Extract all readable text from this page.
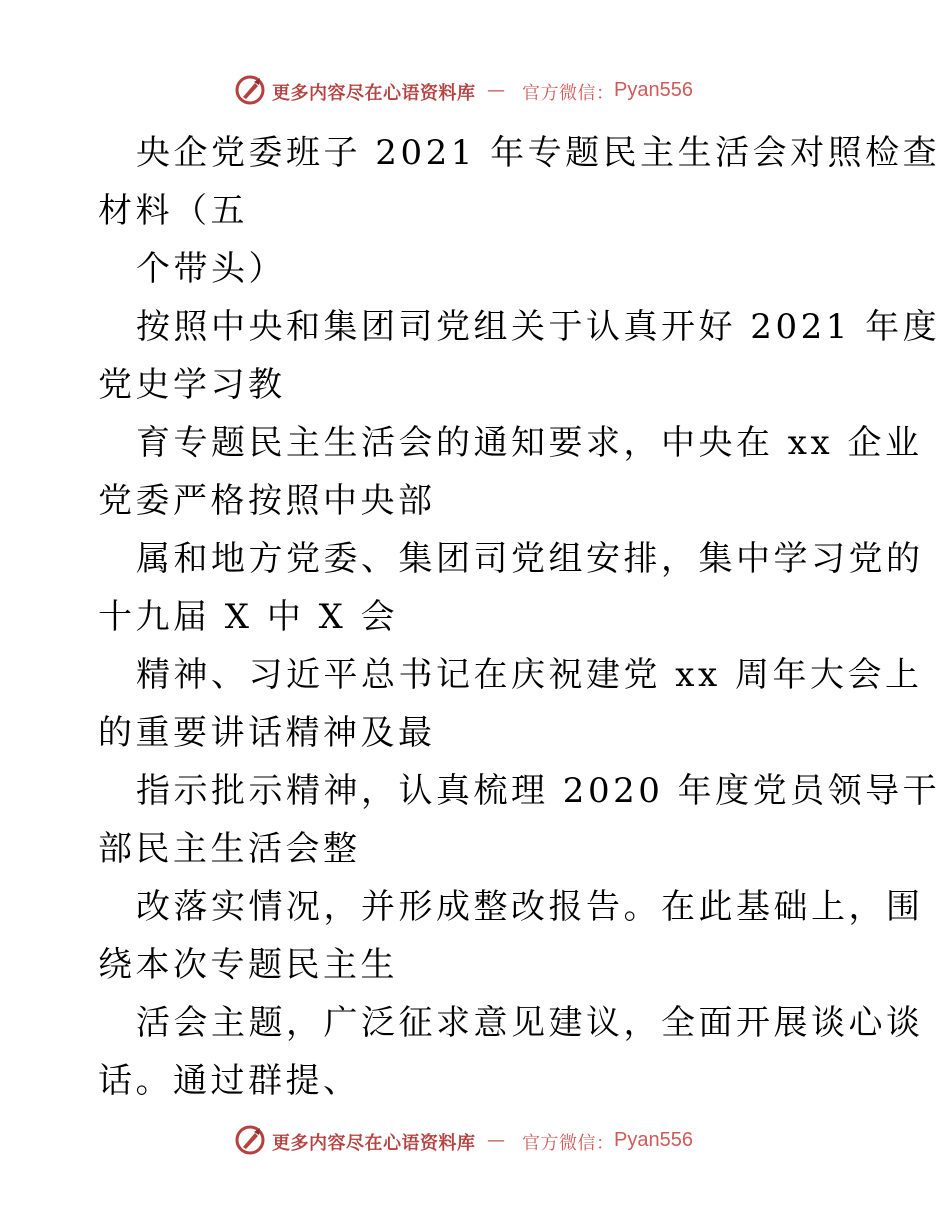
更多内容尽在心语资料库 — 官方微信： Pyan556
央企党委班子 2021 年专题民主生活会对照检查
材料（五
个带头）
按照中央和集团司党组关于认真开好 2021 年度
党史学习教
育专题民主生活会的通知要求，中央在 xx 企业
党委严格按照中央部
属和地方党委、集团司党组安排，集中学习党的
十九届 X 中 X 会
精神、习近平总书记在庆祝建党 xx 周年大会上
的重要讲话精神及最
指示批示精神，认真梳理 2020 年度党员领导干
部民主生活会整
改落实情况，并形成整改报告。在此基础上，围
绕本次专题民主生
活会主题，广泛征求意见建议，全面开展谈心谈
话。通过群提、
更多内容尽在心语资料库 — 官方微信： Pyan556
